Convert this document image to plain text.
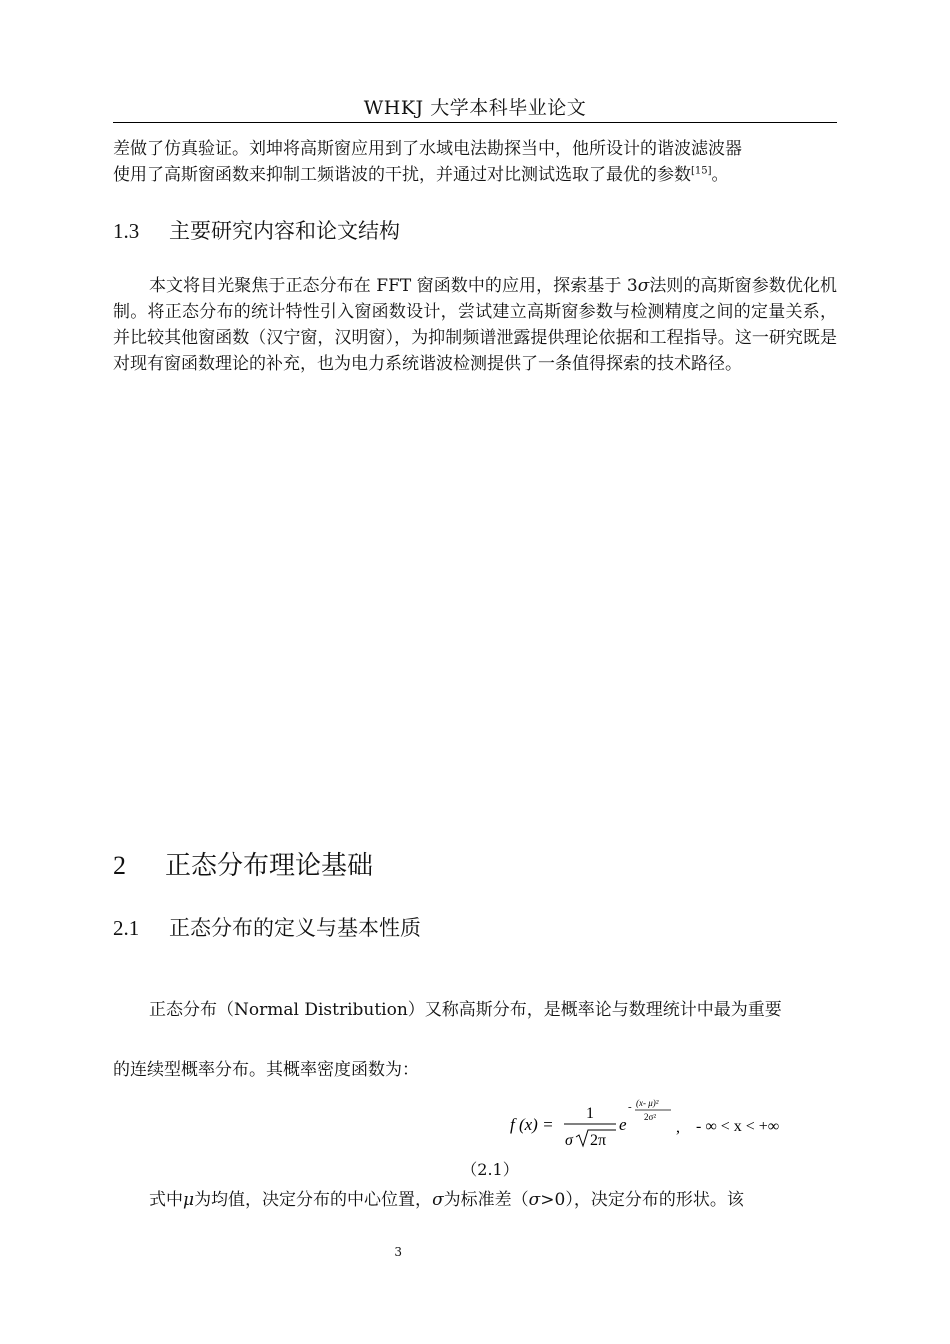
WHKJ 大学本科毕业论文
差做了仿真验证。刘坤将高斯窗应用到了水域电法勘探当中，他所设计的谐波滤波器
使用了高斯窗函数来抑制工频谐波的干扰，并通过对比测试选取了最优的参数[15]。
1.3 主要研究内容和论文结构
本文将目光聚焦于正态分布在 FFT 窗函数中的应用，探索基于 3σ法则的高斯窗参数优化机制。将正态分布的统计特性引入窗函数设计，尝试建立高斯窗参数与检测精度之间的定量关系，并比较其他窗函数（汉宁窗，汉明窗），为抑制频谱泄露提供理论依据和工程指导。这一研究既是对现有窗函数理论的补充，也为电力系统谐波检测提供了一条值得探索的技术路径。
2 正态分布理论基础
2.1 正态分布的定义与基本性质
正态分布（Normal Distribution）又称高斯分布，是概率论与数理统计中最为重要
的连续型概率分布。其概率密度函数为：
f (x) =
1
σ 2π
e
- (x- μ)²
2σ²
, - ∞ < x < +∞
（2.1）
式中μ为均值，决定分布的中心位置，σ为标准差（σ>0），决定分布的形状。该
3
